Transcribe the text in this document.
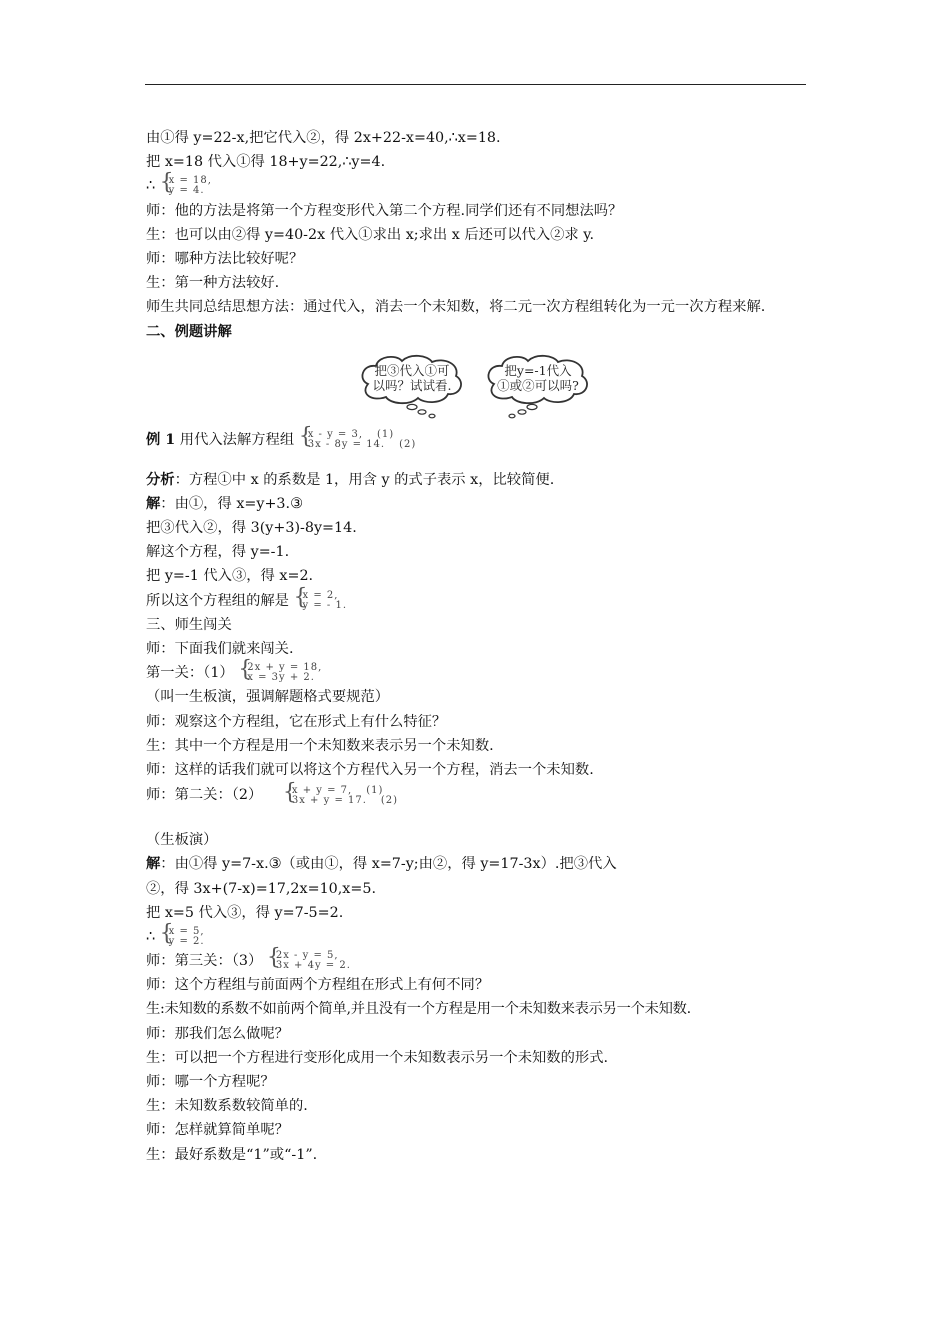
由①得 y=22-x,把它代入②，得 2x+22-x=40,∴x=18.
把 x=18 代入①得 18+y=22,∴y=4.
∴ { x = 18,
y = 4.
师：他的方法是将第一个方程变形代入第二个方程.同学们还有不同想法吗？
生：也可以由②得 y=40-2x 代入①求出 x;求出 x 后还可以代入②求 y.
师：哪种方法比较好呢？
生：第一种方法较好.
师生共同总结思想方法：通过代入，消去一个未知数，将二元一次方程组转化为一元一次方程来解.
二、例题讲解
把③代入①可
以吗？试试看.
把y=-1代入
①或②可以吗?
例 1 用代入法解方程组 { x - y = 3, (1)
3x - 8y = 14. (2)
分析：方程①中 x 的系数是 1，用含 y 的式子表示 x，比较简便.
解：由①，得 x=y+3.③
把③代入②，得 3(y+3)-8y=14.
解这个方程，得 y=-1.
把 y=-1 代入③，得 x=2.
所以这个方程组的解是 { x = 2,
y = - 1.
三、师生闯关
师：下面我们就来闯关.
第一关：（1） { 2x + y = 18,
x = 3y + 2.
（叫一生板演，强调解题格式要规范）
师：观察这个方程组，它在形式上有什么特征？
生：其中一个方程是用一个未知数来表示另一个未知数.
师：这样的话我们就可以将这个方程代入另一个方程，消去一个未知数.
师：第二关：（2）	{ x + y = 7, (1)
3x + y = 17. (2)
（生板演）
解：由①得 y=7-x.③（或由①，得 x=7-y;由②，得 y=17-3x）.把③代入
②，得 3x+(7-x)=17,2x=10,x=5.
把 x=5 代入③，得 y=7-5=2.
∴ { x = 5,
y = 2.
师：第三关：（3） { 2x - y = 5,
3x + 4y = 2.
师：这个方程组与前面两个方程组在形式上有何不同？
生:未知数的系数不如前两个简单,并且没有一个方程是用一个未知数来表示另一个未知数.
师：那我们怎么做呢？
生：可以把一个方程进行变形化成用一个未知数表示另一个未知数的形式.
师：哪一个方程呢？
生：未知数系数较简单的.
师：怎样就算简单呢？
生：最好系数是“1”或“-1”.
